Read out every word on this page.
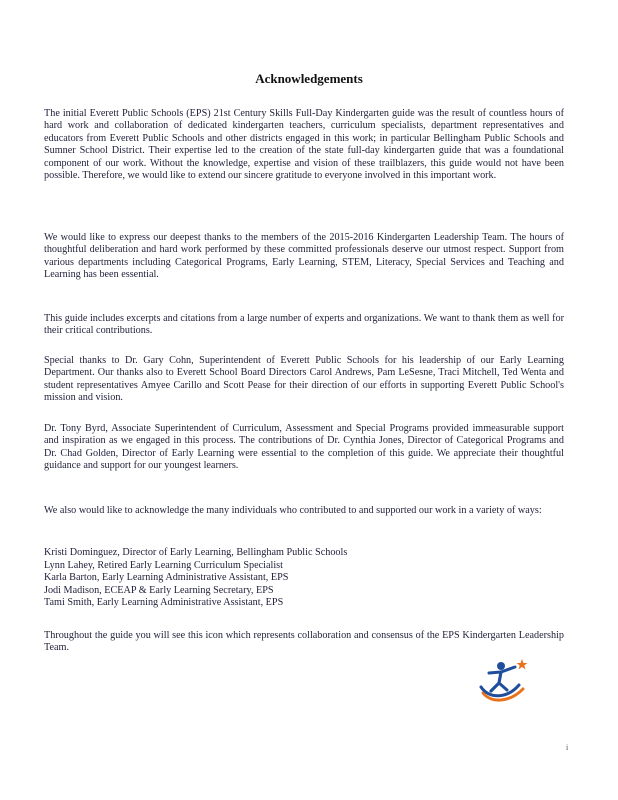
Acknowledgements
The initial Everett Public Schools (EPS) 21st Century Skills Full-Day Kindergarten guide was the result of countless hours of hard work and collaboration of dedicated kindergarten teachers, curriculum specialists, department representatives and educators from Everett Public Schools and other districts engaged in this work; in particular Bellingham Public Schools and Sumner School District. Their expertise led to the creation of the state full-day kindergarten guide that was a foundational component of our work. Without the knowledge, expertise and vision of these trailblazers, this guide would not have been possible. Therefore, we would like to extend our sincere gratitude to everyone involved in this important work.
We would like to express our deepest thanks to the members of the 2015-2016 Kindergarten Leadership Team. The hours of thoughtful deliberation and hard work performed by these committed professionals deserve our utmost respect. Support from various departments including Categorical Programs, Early Learning, STEM, Literacy, Special Services and Teaching and Learning has been essential.
This guide includes excerpts and citations from a large number of experts and organizations. We want to thank them as well for their critical contributions.
Special thanks to Dr. Gary Cohn, Superintendent of Everett Public Schools for his leadership of our Early Learning Department. Our thanks also to Everett School Board Directors Carol Andrews, Pam LeSesne, Traci Mitchell, Ted Wenta and student representatives Amyee Carillo and Scott Pease for their direction of our efforts in supporting Everett Public School's mission and vision.
Dr. Tony Byrd, Associate Superintendent of Curriculum, Assessment and Special Programs provided immeasurable support and inspiration as we engaged in this process. The contributions of Dr. Cynthia Jones, Director of Categorical Programs and Dr. Chad Golden, Director of Early Learning were essential to the completion of this guide. We appreciate their thoughtful guidance and support for our youngest learners.
We also would like to acknowledge the many individuals who contributed to and supported our work in a variety of ways:
Kristi Dominguez, Director of Early Learning, Bellingham Public Schools
Lynn Lahey, Retired Early Learning Curriculum Specialist
Karla Barton, Early Learning Administrative Assistant, EPS
Jodi Madison, ECEAP & Early Learning Secretary, EPS
Tami Smith, Early Learning Administrative Assistant, EPS
Throughout the guide you will see this icon which represents collaboration and consensus of the EPS Kindergarten Leadership Team.
i
